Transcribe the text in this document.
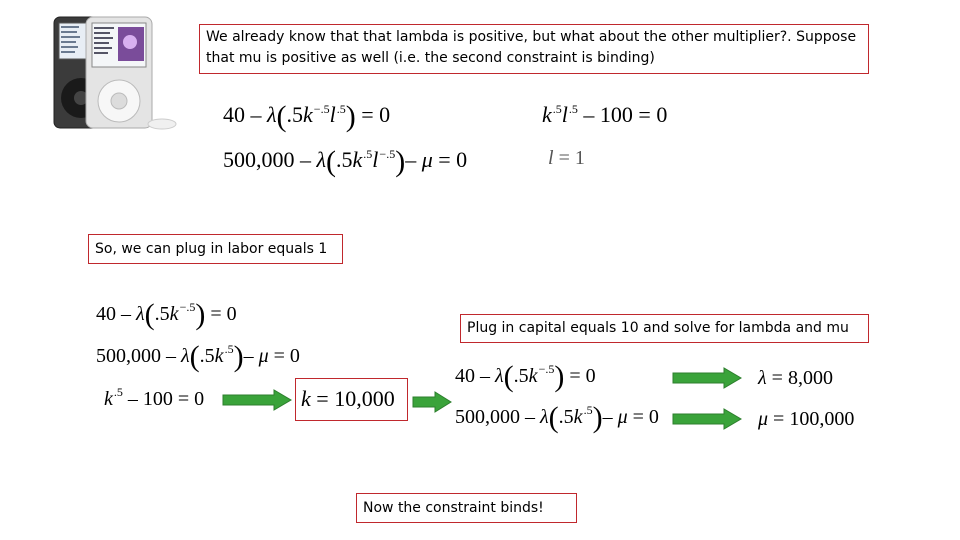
We already know that that lambda is positive, but what about the other multiplier?. Suppose that mu is positive as well (i.e. the second constraint is binding)
So, we can plug in labor equals 1
Plug in capital equals 10 and solve for lambda and mu
Now the constraint binds!
$40 - \lambda(.5k^{-.5}l^{.5}) = 0$
$500,000 - \lambda(.5k^{.5}l^{-.5})-$ μ = 0
$k^{.5}l^{.5} - 100 = 0$
l = 1
$40 - \lambda(.5k^{-.5}) = 0$
$500,000 - \lambda(.5k^{.5})-$ μ = 0
$k^{.5} - 100 = 0$	k = 10,000
$40 - \lambda(.5k^{-.5}) = 0$
$500,000 - \lambda(.5k^{.5})-$ μ = 0
λ = 8,000
μ = 100,000
